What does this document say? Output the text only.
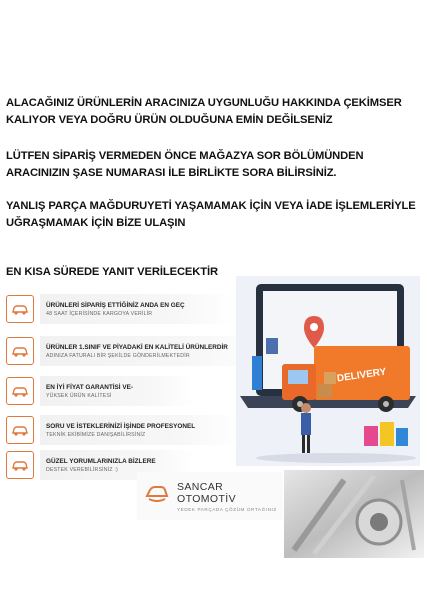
ALACAĞINIZ ÜRÜNLERİN ARACINIZA UYGUNLUĞU HAKKINDA ÇEKİMSER KALIYOR VEYA DOĞRU ÜRÜN OLDUĞUNA EMİN DEĞİLSENİZ
LÜTFEN SİPARİŞ VERMEDEN ÖNCE MAĞAZYA SOR BÖLÜMÜNDEN ARACINIZIN ŞASE NUMARASI İLE BİRLİKTE SORA BİLİRSİNİZ.
YANLIŞ PARÇA MAĞDURUYETİ YAŞAMAMAK İÇİN VEYA İADE İŞLEMLERİYLE UĞRAŞMAMAK İÇİN BİZE ULAŞIN
EN KISA SÜREDE YANIT VERİLECEKTİR
ÜRÜNLERİ SİPARİŞ ETTİĞİNİZ ANDA EN GEÇ
48 SAAT İÇERİSİNDE KARGOYA VERİLİR
ÜRÜNLER 1.SINIF VE PİYADAKİ EN KALİTELİ ÜRÜNLERDİR
ADINIZA FATURALI BİR ŞEKİLDE GÖNDERİLMEKTEDİR
EN İYİ FİYAT GARANTİSİ VE-
YÜKSEK ÜRÜN KALİTESİ
SORU VE İSTEKLERİNİZİ İŞİNDE PROFESYONEL
TEKNİK EKİBİMİZE DANIŞABİLİRSİNİZ
GÜZEL YORUMLARINIZLA BİZLERE
DESTEK VEREBİLİRSİNİZ :)
DELIVERY
SANCAR OTOMOTİV
YEDEK PARÇADA ÇÖZÜM ORTAĞINIZ
